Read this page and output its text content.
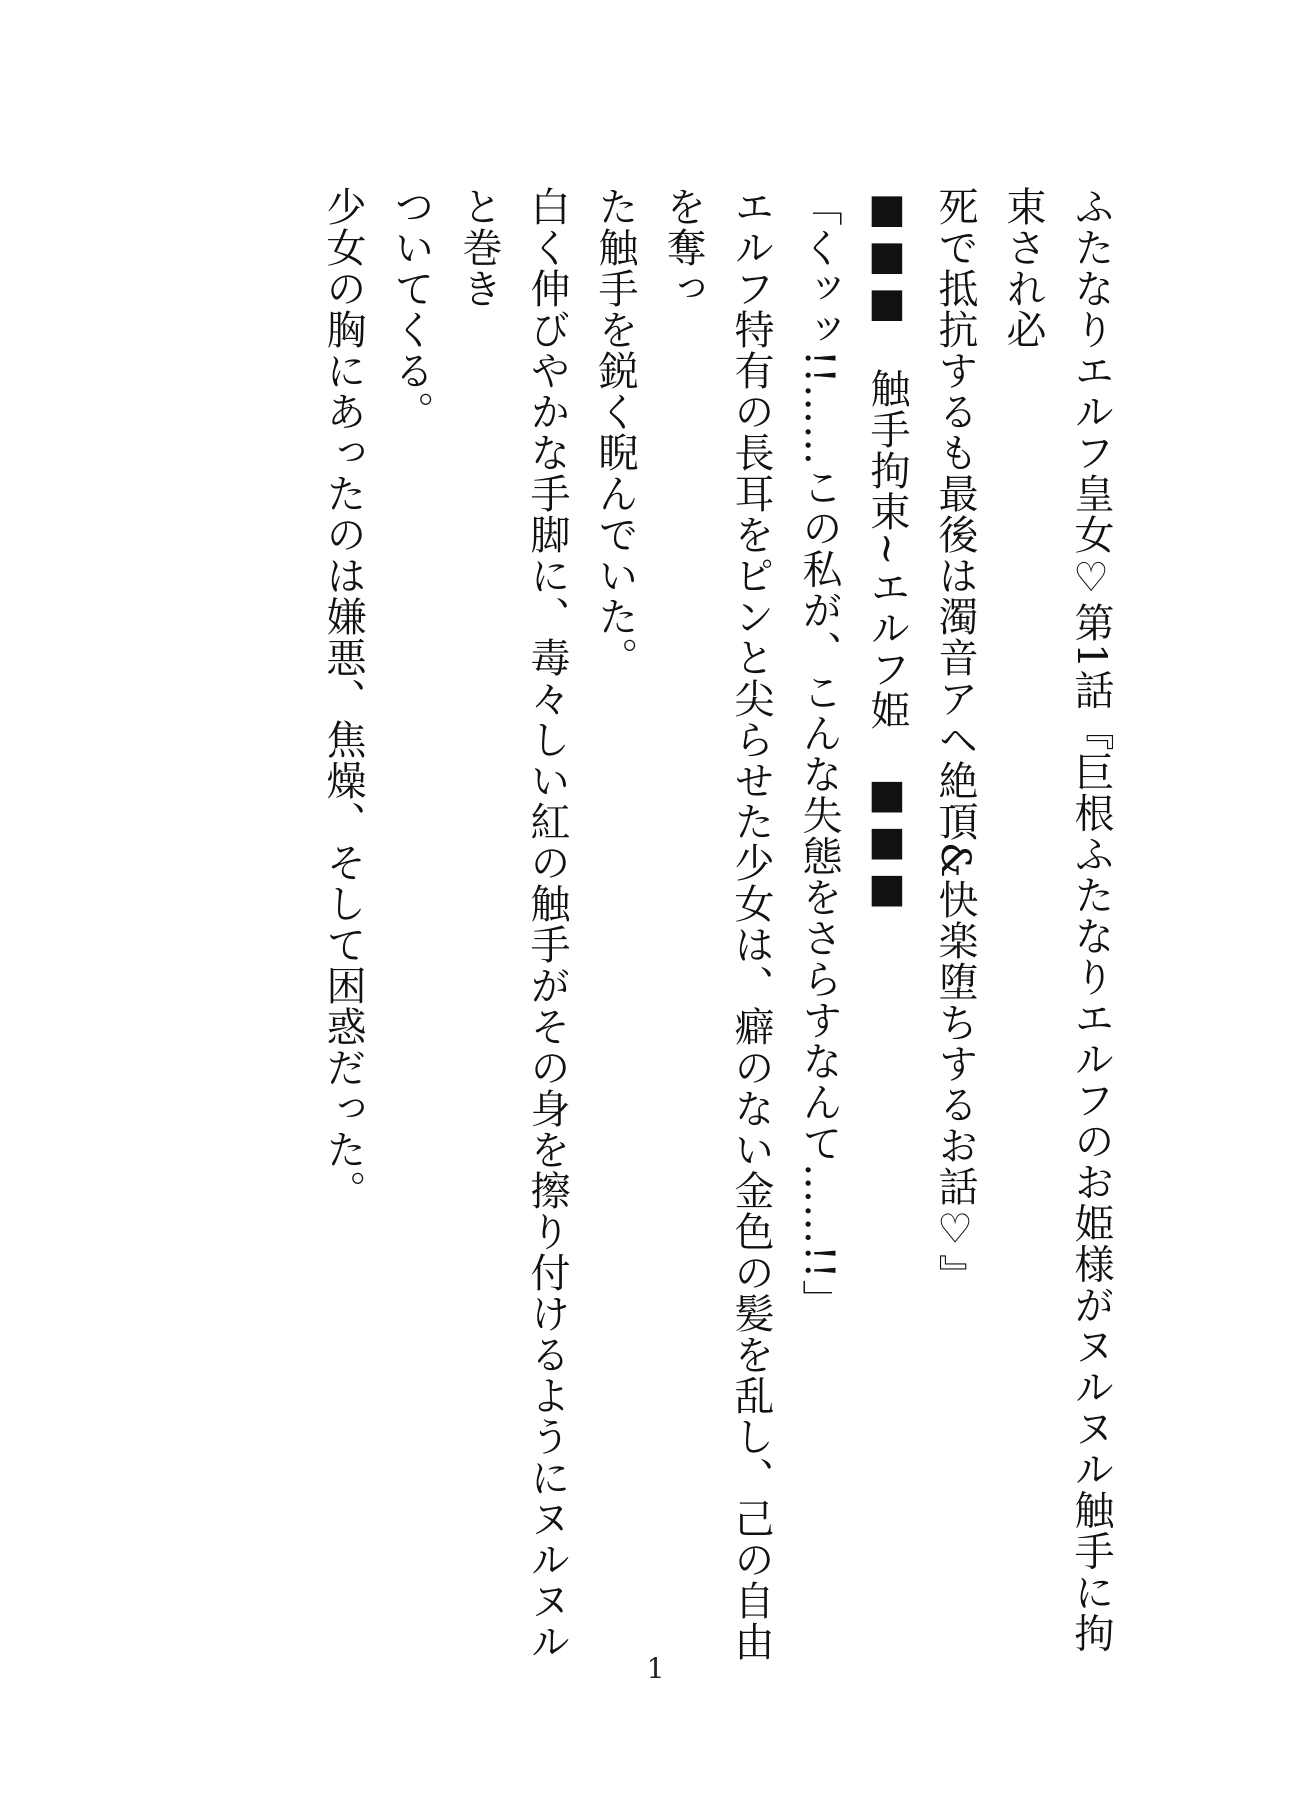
ふたなりエルフ皇女♡第1話『巨根ふたなりエルフのお姫様がヌルヌル触手に拘束され必
死で抵抗するも最後は濁音アヘ絶頂&快楽堕ちするお話♡』
■■■　触手拘束~エルフ姫　■■■
「くッッ!!……この私が、こんな失態をさらすなんて……!!」
エルフ特有の長耳をピンと尖らせた少女は、癖のない金色の髪を乱し、己の自由を奪っ
た触手を鋭く睨んでいた。
白く伸びやかな手脚に、毒々しい紅の触手がその身を擦り付けるようにヌルヌルと巻き
ついてくる。
少女の胸にあったのは嫌悪、焦燥、そして困惑だった。
1
